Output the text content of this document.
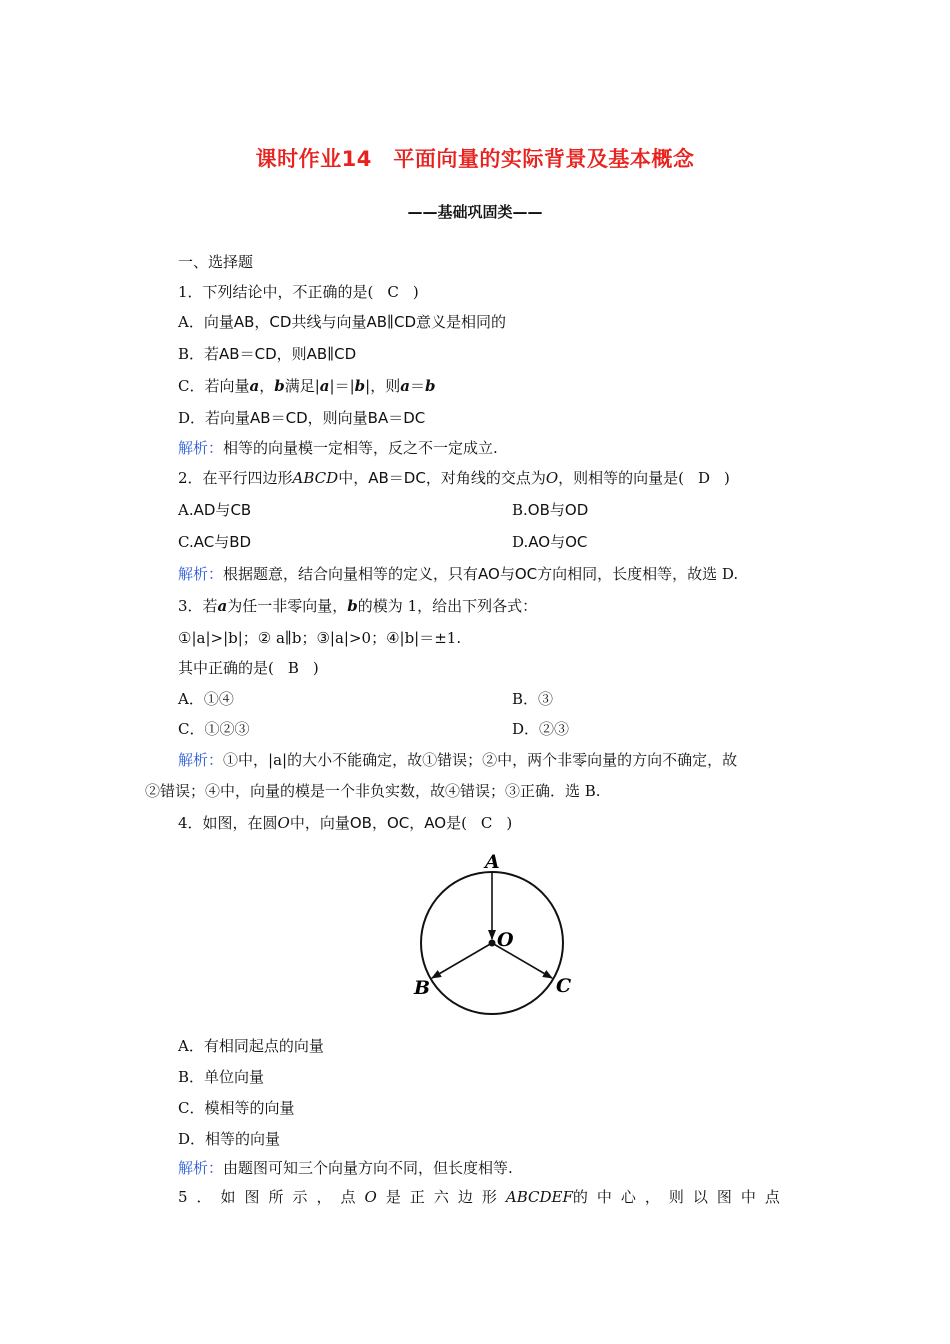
课时作业14　平面向量的实际背景及基本概念
——基础巩固类——
一、选择题
1．下列结论中，不正确的是( C )
A．向量AB，CD共线与向量AB∥CD意义是相同的
B．若AB＝CD，则AB∥CD
C．若向量a，b满足|a|＝|b|，则a＝b
D．若向量AB＝CD，则向量BA＝DC
解析：相等的向量模一定相等，反之不一定成立.
2．在平行四边形ABCD中，AB＝DC，对角线的交点为O，则相等的向量是( D )
A.AD与CB	B.OB与OD
C.AC与BD	D.AO与OC
解析：根据题意，结合向量相等的定义，只有AO与OC方向相同，长度相等，故选 D.
3．若a为任一非零向量，b的模为 1，给出下列各式：
①|a|>|b|；② a∥b；③|a|>0；④|b|＝±1.
其中正确的是( B )
A．①④	B．③
C．①②③	D．②③
解析：①中，|a|的大小不能确定，故①错误；②中，两个非零向量的方向不确定，故
②错误；④中，向量的模是一个非负实数，故④错误；③正确．选 B.
4．如图，在圆O中，向量OB，OC，AO是( C )
A
O
B	C
A．有相同起点的向量
B．单位向量
C．模相等的向量
D．相等的向量
解析：由题图可知三个向量方向不同，但长度相等.
5．如图所示，点O是正六边形ABCDEF的中心，则以图中点
